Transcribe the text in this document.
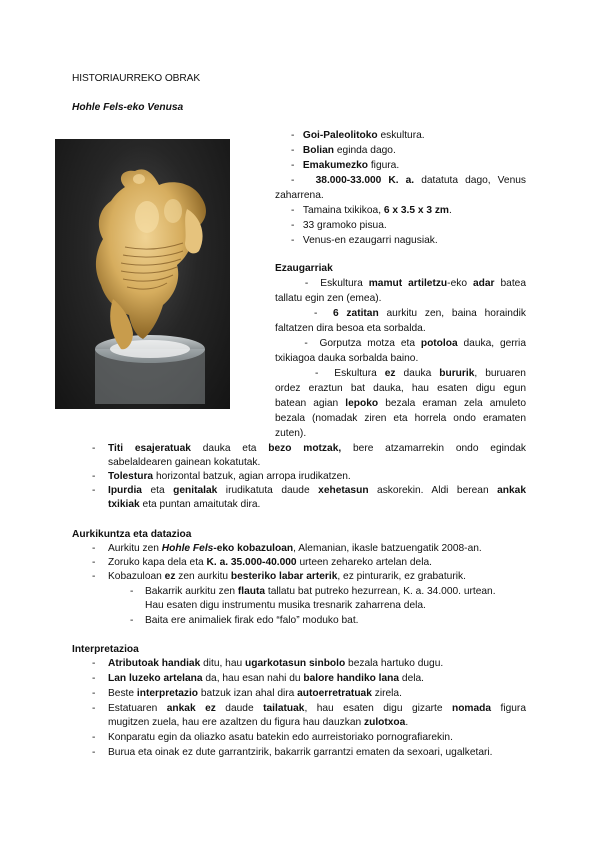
HISTORIAURREKO OBRAK
Hohle Fels-eko Venusa
-   Goi-Paleolitoko eskultura.
-   Bolian eginda dago.
-   Emakumezko figura.
-   38.000-33.000 K. a. datatuta dago, Venus
zaharrena.
-   Tamaina txikikoa, 6 x 3.5 x 3 zm.
-   33 gramoko pisua.
-   Venus-en ezaugarri nagusiak.
Ezaugarriak
-  Eskultura mamut artiletzu-eko adar batea
tallatu egin zen (emea).
-  6 zatitan aurkitu zen, baina horaindik
faltatzen dira besoa eta sorbalda.
-  Gorputza motza eta potoloa dauka, gerria
txikiagoa dauka sorbalda baino.
-  Eskultura ez dauka bururik, buruaren
ordez eraztun bat dauka, hau esaten digu egun
batean agian lepoko bezala eraman zela amuleto
bezala (nomadak ziren eta horrela ondo eramaten
zuten).
- Titi esajeratuak dauka eta bezo motzak, bere atzamarrekin ondo egindak
sabelaldearen gainean kokatutak.
- Tolestura horizontal batzuk, agian arropa irudikatzen.
- Ipurdia eta genitalak irudikatuta daude xehetasun askorekin. Aldi berean ankak
txikiak eta puntan amaitutak dira.
Aurkikuntza eta datazioa
- Aurkitu zen Hohle Fels-eko kobazuloan, Alemanian, ikasle batzuengatik 2008-an.
- Zoruko kapa dela eta K. a. 35.000-40.000 urteen zehareko artelan dela.
- Kobazuloan ez zen aurkitu besteriko labar arterik, ez pinturarik, ez grabaturik.
- Bakarrik aurkitu zen flauta tallatu bat putreko hezurrean, K. a. 34.000. urtean.
Hau esaten digu instrumentu musika tresnarik zaharrena dela.
- Baita ere animaliek firak edo “falo” moduko bat.
Interpretazioa
- Atributoak handiak ditu, hau ugarkotasun sinbolo bezala hartuko dugu.
- Lan luzeko artelana da, hau esan nahi du balore handiko lana dela.
- Beste interpretazio batzuk izan ahal dira autoerretratuak zirela.
- Estatuaren ankak ez daude tailatuak, hau esaten digu gizarte nomada figura
mugitzen zuela, hau ere azaltzen du figura hau dauzkan zulotxoa.
- Konparatu egin da oliazko asatu batekin edo aurreistoriako pornografiarekin.
- Burua eta oinak ez dute garrantzirik, bakarrik garrantzi ematen da sexoari, ugalketari.
